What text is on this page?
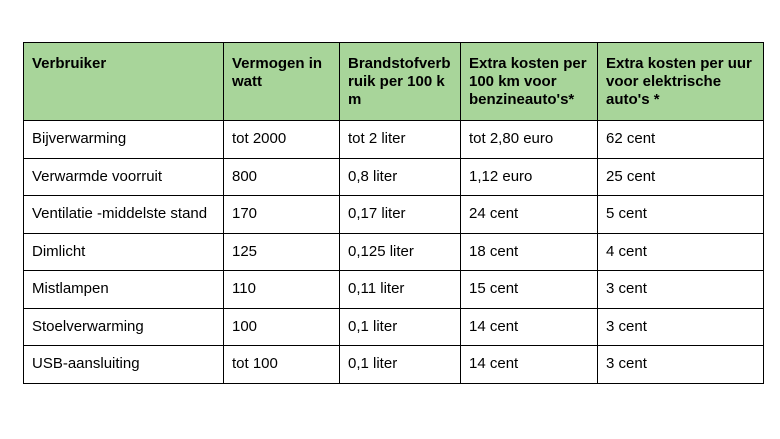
Verbruiker	Vermogen in watt	Brandstofverbruik per 100 km	Extra kosten per 100 km voor benzineauto's*	Extra kosten per uur voor elektrische auto's *
Bijverwarming	tot 2000	tot 2 liter	tot 2,80 euro	62 cent
Verwarmde voorruit	800	0,8 liter	1,12 euro	25 cent
Ventilatie -middelste stand	170	0,17 liter	24 cent	5 cent
Dimlicht	125	0,125 liter	18 cent	4 cent
Mistlampen	110	0,11 liter	15 cent	3 cent
Stoelverwarming	100	0,1 liter	14 cent	3 cent
USB-aansluiting	tot 100	0,1 liter	14 cent	3 cent
